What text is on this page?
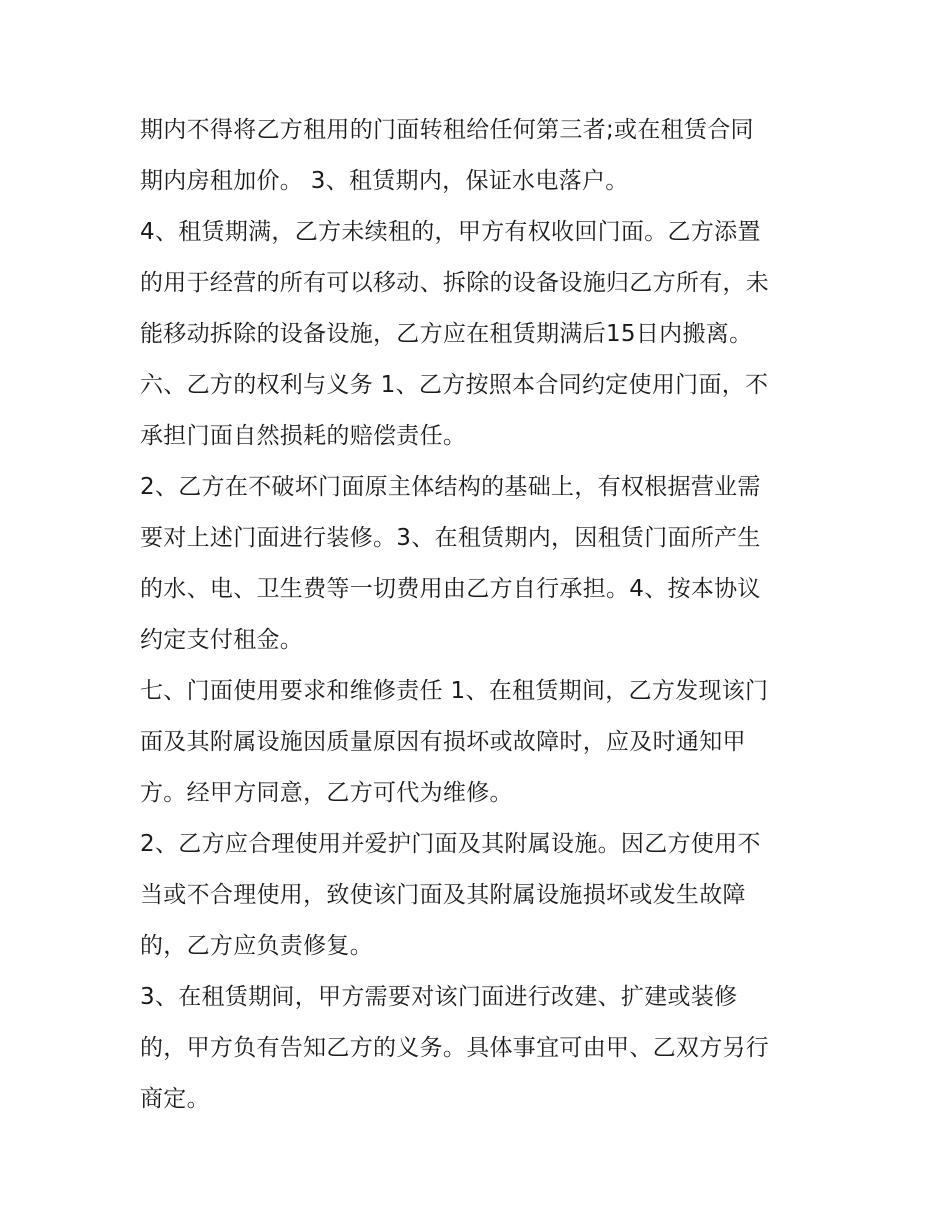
期内不得将乙方租用的门面转租给任何第三者;或在租赁合同
期内房租加价。 3、租赁期内，保证水电落户。
4、租赁期满，乙方未续租的，甲方有权收回门面。乙方添置
的用于经营的所有可以移动、拆除的设备设施归乙方所有，未
能移动拆除的设备设施，乙方应在租赁期满后15日内搬离。
六、乙方的权利与义务 1、乙方按照本合同约定使用门面，不
承担门面自然损耗的赔偿责任。
2、乙方在不破坏门面原主体结构的基础上，有权根据营业需
要对上述门面进行装修。3、在租赁期内，因租赁门面所产生
的水、电、卫生费等一切费用由乙方自行承担。4、按本协议
约定支付租金。
七、门面使用要求和维修责任 1、在租赁期间，乙方发现该门
面及其附属设施因质量原因有损坏或故障时，应及时通知甲
方。经甲方同意，乙方可代为维修。
2、乙方应合理使用并爱护门面及其附属设施。因乙方使用不
当或不合理使用，致使该门面及其附属设施损坏或发生故障
的，乙方应负责修复。
3、在租赁期间，甲方需要对该门面进行改建、扩建或装修
的，甲方负有告知乙方的义务。具体事宜可由甲、乙双方另行
商定。
